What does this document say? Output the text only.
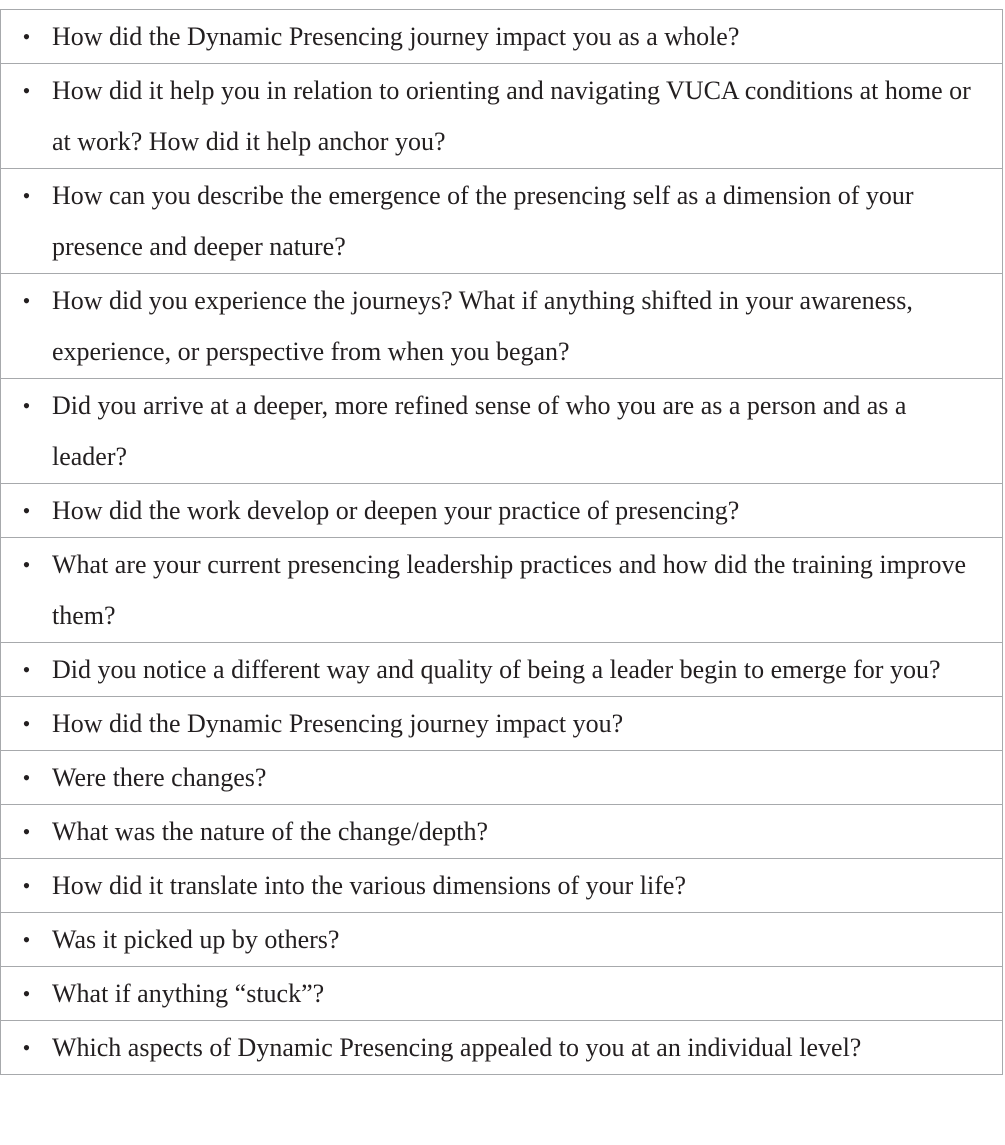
• How did the Dynamic Presencing journey impact you as a whole?

• How did it help you in relation to orienting and navigating VUCA conditions at home or at work? How did it help anchor you?

• How can you describe the emergence of the presencing self as a dimension of your presence and deeper nature?

• How did you experience the journeys? What if anything shifted in your awareness, experience, or perspective from when you began?

• Did you arrive at a deeper, more refined sense of who you are as a person and as a leader?

• How did the work develop or deepen your practice of presencing?

• What are your current presencing leadership practices and how did the training improve them?

• Did you notice a different way and quality of being a leader begin to emerge for you?

• How did the Dynamic Presencing journey impact you?

• Were there changes?

• What was the nature of the change/depth?

• How did it translate into the various dimensions of your life?

• Was it picked up by others?

• What if anything “stuck”?

• Which aspects of Dynamic Presencing appealed to you at an individual level?
